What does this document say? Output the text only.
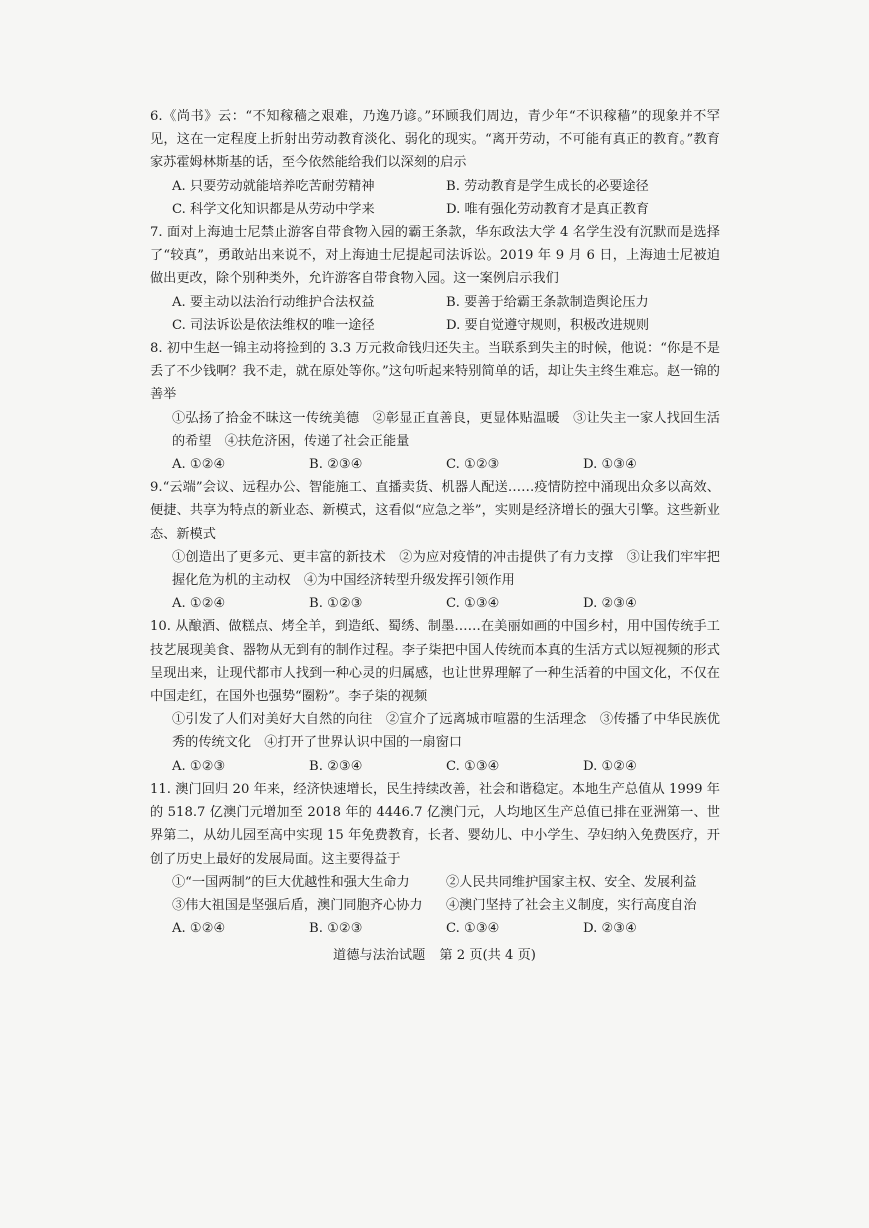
6.《尚书》云：“不知稼穑之艰难，乃逸乃谚。”环顾我们周边，青少年“不识稼穑”的现象并不罕见，这在一定程度上折射出劳动教育淡化、弱化的现实。“离开劳动，不可能有真正的教育。”教育家苏霍姆林斯基的话，至今依然能给我们以深刻的启示

A. 只要劳动就能培养吃苦耐劳精神	B. 劳动教育是学生成长的必要途径
C. 科学文化知识都是从劳动中学来	D. 唯有强化劳动教育才是真正教育

7. 面对上海迪士尼禁止游客自带食物入园的霸王条款，华东政法大学 4 名学生没有沉默而是选择了“较真”，勇敢站出来说不，对上海迪士尼提起司法诉讼。2019 年 9 月 6 日，上海迪士尼被迫做出更改，除个别种类外，允许游客自带食物入园。这一案例启示我们

A. 要主动以法治行动维护合法权益	B. 要善于给霸王条款制造舆论压力
C. 司法诉讼是依法维权的唯一途径	D. 要自觉遵守规则，积极改进规则

8. 初中生赵一锦主动将捡到的 3.3 万元救命钱归还失主。当联系到失主的时候，他说：“你是不是丢了不少钱啊？我不走，就在原处等你。”这句听起来特别简单的话，却让失主终生难忘。赵一锦的善举

①弘扬了拾金不昧这一传统美德　②彰显正直善良，更显体贴温暖　③让失主一家人找回生活的希望　④扶危济困，传递了社会正能量

A. ①②④	B. ②③④	C. ①②③	D. ①③④

9.“云端”会议、远程办公、智能施工、直播卖货、机器人配送……疫情防控中涌现出众多以高效、便捷、共享为特点的新业态、新模式，这看似“应急之举”，实则是经济增长的强大引擎。这些新业态、新模式

①创造出了更多元、更丰富的新技术　②为应对疫情的冲击提供了有力支撑　③让我们牢牢把握化危为机的主动权　④为中国经济转型升级发挥引领作用

A. ①②④	B. ①②③	C. ①③④	D. ②③④

10. 从酿酒、做糕点、烤全羊，到造纸、蜀绣、制墨……在美丽如画的中国乡村，用中国传统手工技艺展现美食、器物从无到有的制作过程。李子柒把中国人传统而本真的生活方式以短视频的形式呈现出来，让现代都市人找到一种心灵的归属感，也让世界理解了一种生活着的中国文化，不仅在中国走红，在国外也强势“圈粉”。李子柒的视频

①引发了人们对美好大自然的向往　②宣介了远离城市喧嚣的生活理念　③传播了中华民族优秀的传统文化　④打开了世界认识中国的一扇窗口

A. ①②③	B. ②③④	C. ①③④	D. ①②④

11. 澳门回归 20 年来，经济快速增长，民生持续改善，社会和谐稳定。本地生产总值从 1999 年的 518.7 亿澳门元增加至 2018 年的 4446.7 亿澳门元，人均地区生产总值已排在亚洲第一、世界第二，从幼儿园至高中实现 15 年免费教育，长者、婴幼儿、中小学生、孕妇纳入免费医疗，开创了历史上最好的发展局面。这主要得益于

①“一国两制”的巨大优越性和强大生命力	②人民共同维护国家主权、安全、发展利益
③伟大祖国是坚强后盾，澳门同胞齐心协力	④澳门坚持了社会主义制度，实行高度自治
A. ①②④	B. ①②③	C. ①③④	D. ②③④
道德与法治试题 第 2 页(共 4 页)
